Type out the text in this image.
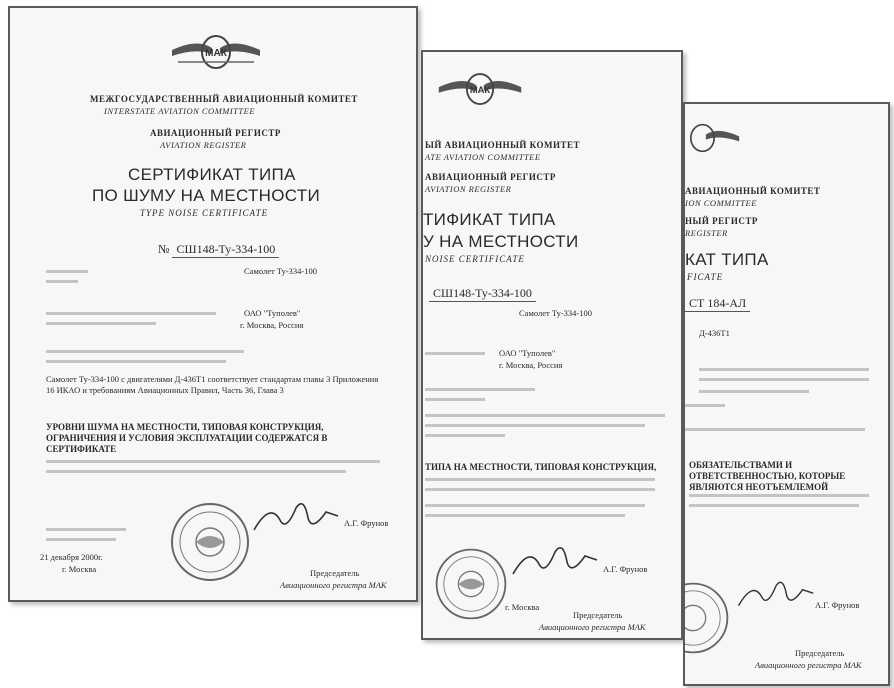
МАК
МЕЖГОСУДАРСТВЕННЫЙ АВИАЦИОННЫЙ КОМИТЕТ
INTERSTATE AVIATION COMMITTEE
АВИАЦИОННЫЙ РЕГИСТР
AVIATION REGISTER
СЕРТИФИКАТ ТИПА
ПО ШУМУ НА МЕСТНОСТИ
TYPE NOISE CERTIFICATE
№ СШ148-Ту-334-100
Самолет Ту-334-100
ОАО "Туполев"
г. Москва, Россия
Самолет Ту-334-100 с двигателями Д-436Т1 соответствует стандартам главы 3 Приложения 16 ИКАО и требованиям Авиационных Правил, Часть 36, Глава 3
УРОВНИ ШУМА НА МЕСТНОСТИ, ТИПОВАЯ КОНСТРУКЦИЯ, ОГРАНИЧЕНИЯ И УСЛОВИЯ ЭКСПЛУАТАЦИИ СОДЕРЖАТСЯ В СЕРТИФИКАТЕ
А.Г. Фрунов
21 декабря 2000г.
г. Москва	Председатель
Авиационного регистра МАК
МАК
ЫЙ АВИАЦИОННЫЙ КОМИТЕТ
ATE AVIATION COMMITTEE
АВИАЦИОННЫЙ РЕГИСТР
AVIATION REGISTER
ТИФИКАТ ТИПА
У НА МЕСТНОСТИ
NOISE CERTIFICATE
СШ148-Ту-334-100
Самолет Ту-334-100
ОАО "Туполев"
г. Москва, Россия
ТИПА НА МЕСТНОСТИ, ТИПОВАЯ КОНСТРУКЦИЯ,
А.Г. Фрунов
Председатель
Авиационного регистра МАК
г. Москва
АВИАЦИОННЫЙ КОМИТЕТ
ION COMMITTEE
НЫЙ РЕГИСТР
REGISTER
КАТ ТИПА
FICATE
СТ 184-АЛ
Д-436Т1
ОБЯЗАТЕЛЬСТВАМИ И ОТВЕТСТВЕННОСТЬЮ, КОТОРЫЕ ЯВЛЯЮТСЯ НЕОТЪЕМЛЕМОЙ
А.Г. Фрунов
Председатель
Авиационного регистра МАК
